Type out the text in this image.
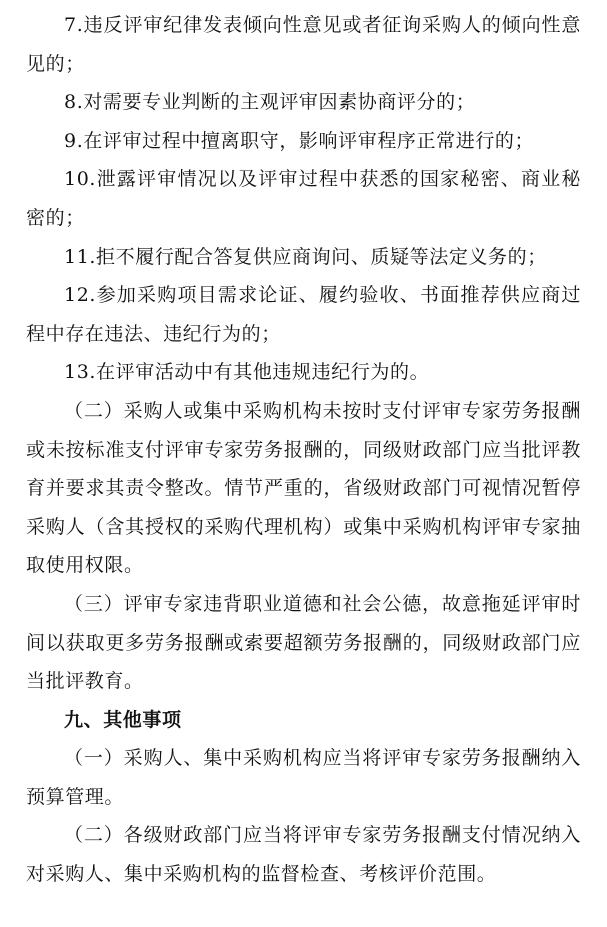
7.违反评审纪律发表倾向性意见或者征询采购人的倾向性意见的；

8.对需要专业判断的主观评审因素协商评分的；

9.在评审过程中擅离职守，影响评审程序正常进行的；

10.泄露评审情况以及评审过程中获悉的国家秘密、商业秘密的；

11.拒不履行配合答复供应商询问、质疑等法定义务的；

12.参加采购项目需求论证、履约验收、书面推荐供应商过程中存在违法、违纪行为的；

13.在评审活动中有其他违规违纪行为的。

（二）采购人或集中采购机构未按时支付评审专家劳务报酬或未按标准支付评审专家劳务报酬的，同级财政部门应当批评教育并要求其责令整改。情节严重的，省级财政部门可视情况暂停采购人（含其授权的采购代理机构）或集中采购机构评审专家抽取使用权限。

（三）评审专家违背职业道德和社会公德，故意拖延评审时间以获取更多劳务报酬或索要超额劳务报酬的，同级财政部门应当批评教育。

九、其他事项

（一）采购人、集中采购机构应当将评审专家劳务报酬纳入预算管理。

（二）各级财政部门应当将评审专家劳务报酬支付情况纳入对采购人、集中采购机构的监督检查、考核评价范围。
